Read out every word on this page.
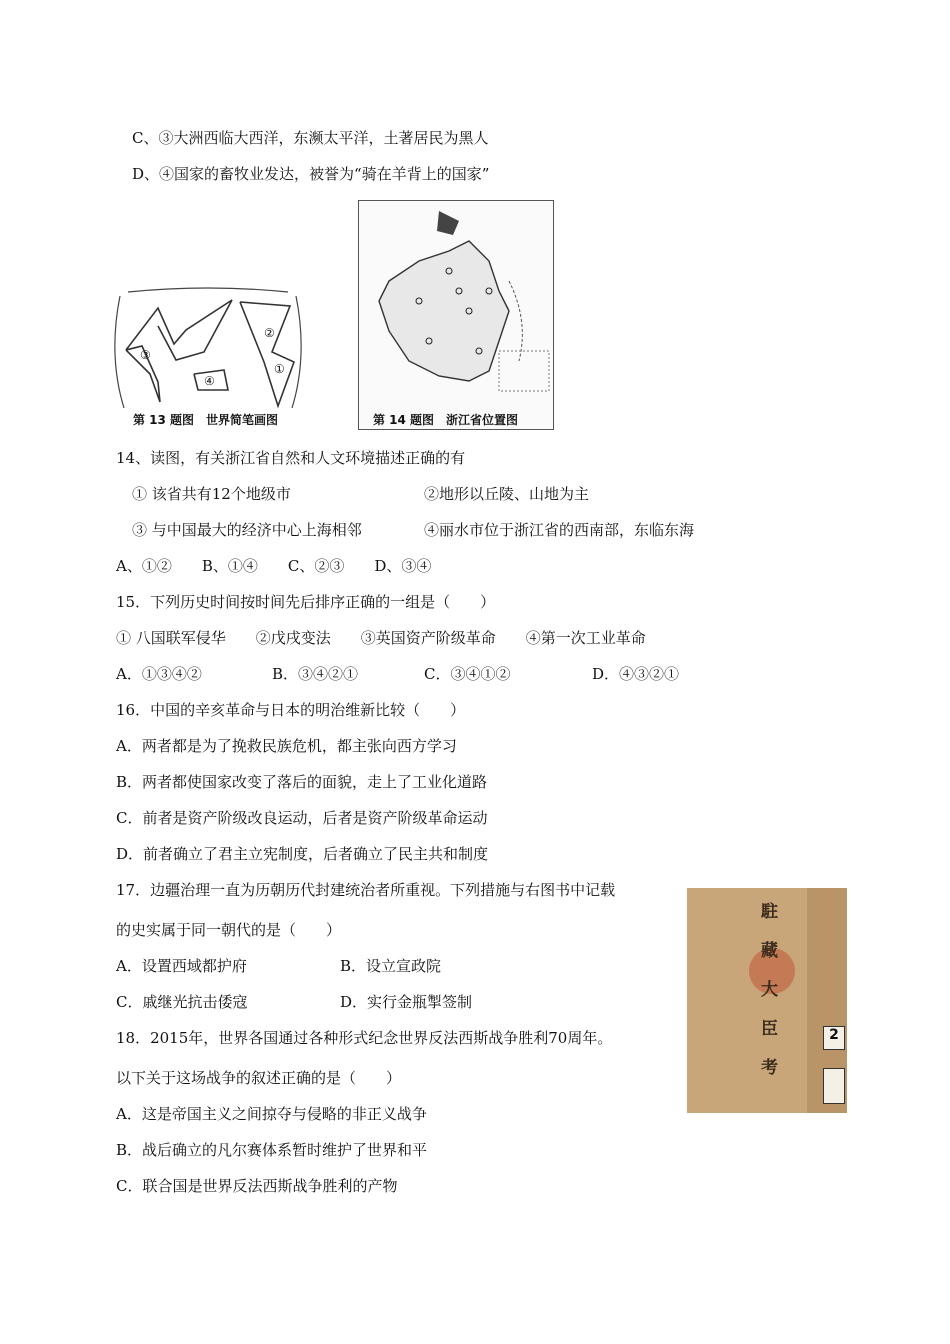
C、③大洲西临大西洋，东濒太平洋，土著居民为黑人
D、④国家的畜牧业发达，被誉为“骑在羊背上的国家”
③
②
④
①
第 13 题图　世界简笔画图	第 14 题图　浙江省位置图
14、读图，有关浙江省自然和人文环境描述正确的有
① 该省共有12个地级市	②地形以丘陵、山地为主
③ 与中国最大的经济中心上海相邻	④丽水市位于浙江省的西南部，东临东海
A、①②　　B、①④　　C、②③　　D、③④
15．下列历史时间按时间先后排序正确的一组是（　　）
① 八国联军侵华　　②戊戌变法　　③英国资产阶级革命　　④第一次工业革命
A．①③④②	B．③④②①	C．③④①②	D．④③②①
16．中国的辛亥革命与日本的明治维新比较（　　）
A．两者都是为了挽救民族危机，都主张向西方学习
B．两者都使国家改变了落后的面貌，走上了工业化道路
C．前者是资产阶级改良运动，后者是资产阶级革命运动
D．前者确立了君主立宪制度，后者确立了民主共和制度
17．边疆治理一直为历朝历代封建统治者所重视。下列措施与右图书中记载
的史实属于同一朝代的是（　　）
A．设置西域都护府	B．设立宣政院
C．戚继光抗击倭寇	D．实行金瓶掣签制	駐藏大臣考	2
18．2015年，世界各国通过各种形式纪念世界反法西斯战争胜利70周年。
以下关于这场战争的叙述正确的是（　　）
A．这是帝国主义之间掠夺与侵略的非正义战争
B．战后确立的凡尔赛体系暂时维护了世界和平
C．联合国是世界反法西斯战争胜利的产物
